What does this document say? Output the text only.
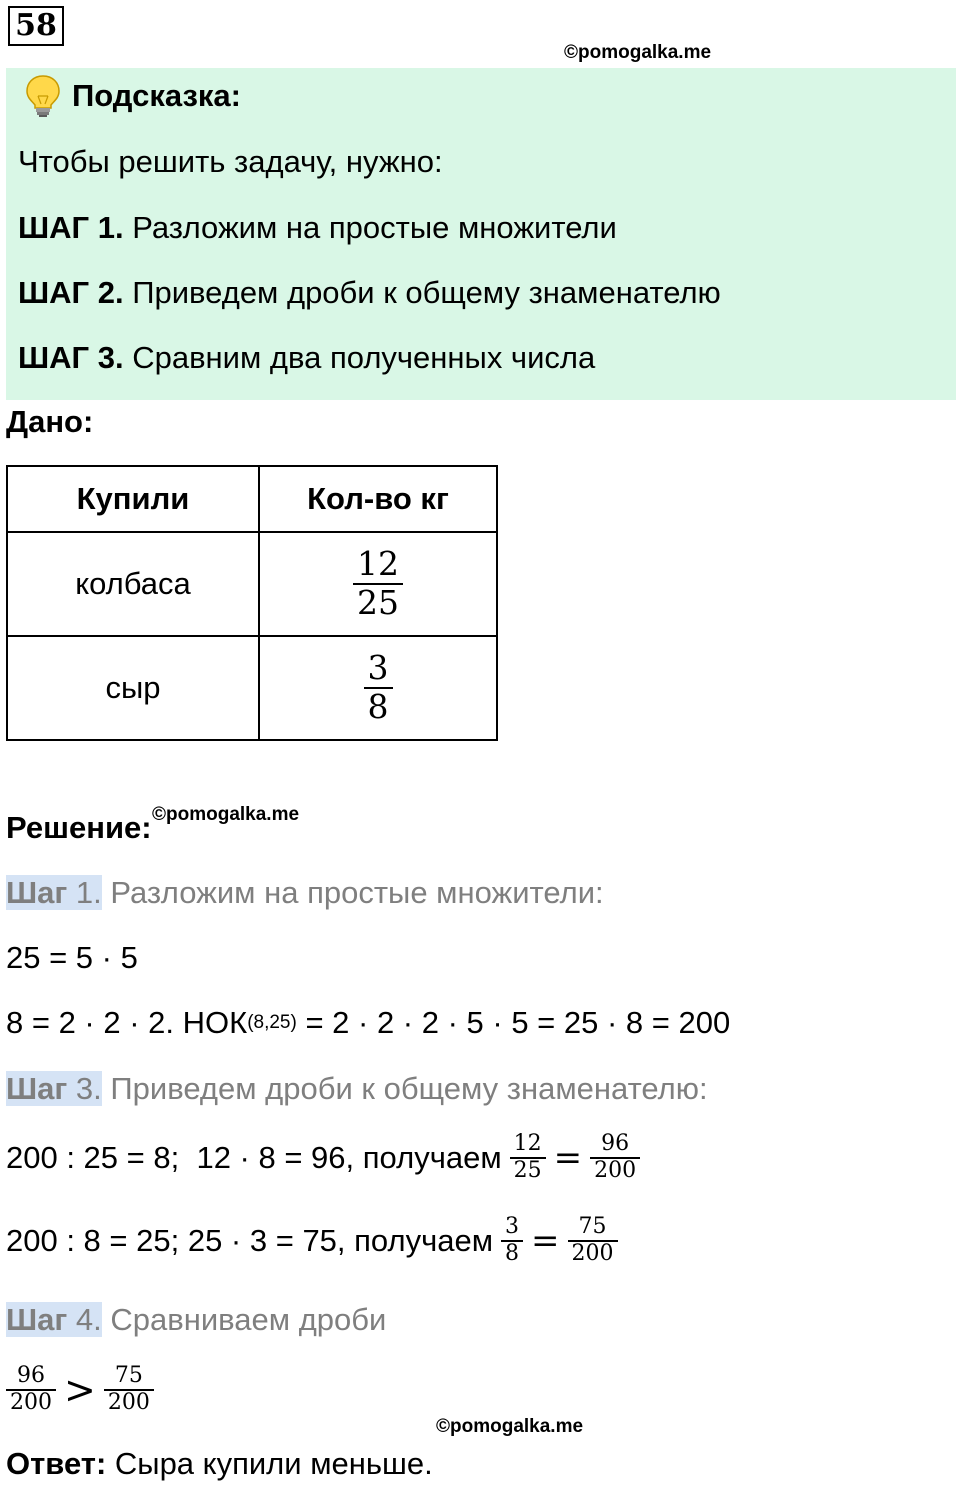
58
©pomogalka.me
Подсказка:
Чтобы решить задачу, нужно:
ШАГ 1. Разложим на простые множители
ШАГ 2. Приведем дроби к общему знаменателю
ШАГ 3. Сравним два полученных числа
Дано:
Купили	Кол-во кг
колбаса	$\frac{12}{25}$

сыр	$\frac{3}{8}$
Решение: ©pomogalka.me
Шаг 1. Разложим на простые множители:
25 = 5 · 5
8 = 2 · 2 · 2. НОК (8,25) = 2 · 2 · 2 · 5 · 5 = 25 · 8 = 200
Шаг 3. Приведем дроби к общему знаменателю:
200 : 25 = 8;  12 · 8 = 96, получаем $\frac{12}{25} = \frac{96}{200}$
200 : 8 = 25; 25 · 3 = 75, получаем $\frac{3}{8} = \frac{75}{200}$
Шаг 4. Сравниваем дроби
$\frac{96}{200} > \frac{75}{200}$
©pomogalka.me
Ответ: Сыра купили меньше.
